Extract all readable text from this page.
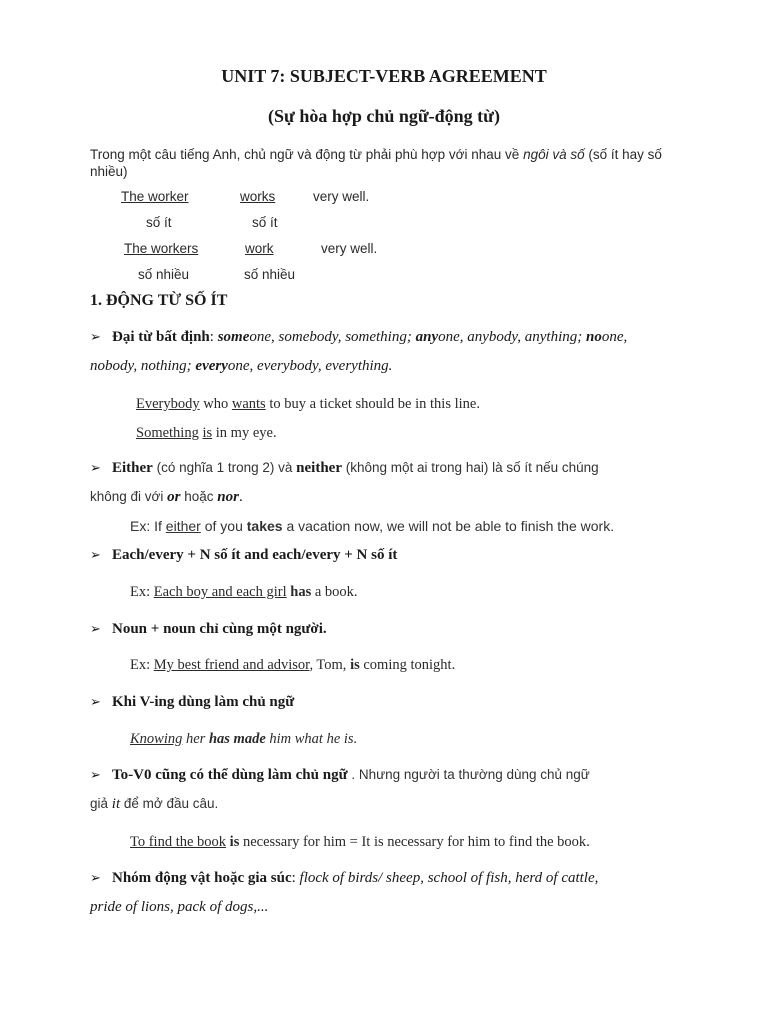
UNIT 7: SUBJECT-VERB AGREEMENT
(Sự hòa hợp chủ ngữ-động từ)
Trong một câu tiếng Anh, chủ ngữ và động từ phải phù hợp với nhau về ngôi và số (số ít hay số nhiều)
The worker	works	very well.
số ít	số ít
The workers	work	very well.
số nhiều	số nhiều
1. ĐỘNG TỪ SỐ ÍT
➢ Đại từ bất định: someone, somebody, something; anyone, anybody, anything; noone,
nobody, nothing; everyone, everybody, everything.
Everybody who wants to buy a ticket should be in this line.
Something is in my eye.
➢ Either (có nghĩa 1 trong 2) và neither (không một ai trong hai) là số ít nếu chúng
không đi với or hoặc nor.
Ex: If either of you takes a vacation now, we will not be able to finish the work.
➢ Each/every + N số ít and each/every + N số ít
Ex: Each boy and each girl has a book.
➢ Noun + noun chỉ cùng một người.
Ex: My best friend and advisor, Tom, is coming tonight.
➢ Khi V-ing dùng làm chủ ngữ
Knowing her has made him what he is.
➢ To-V0 cũng có thể dùng làm chủ ngữ . Nhưng người ta thường dùng chủ ngữ
giả it để mở đầu câu.
To find the book is necessary for him = It is necessary for him to find the book.
➢ Nhóm động vật hoặc gia súc: flock of birds/ sheep, school of fish, herd of cattle,
pride of lions, pack of dogs,...
